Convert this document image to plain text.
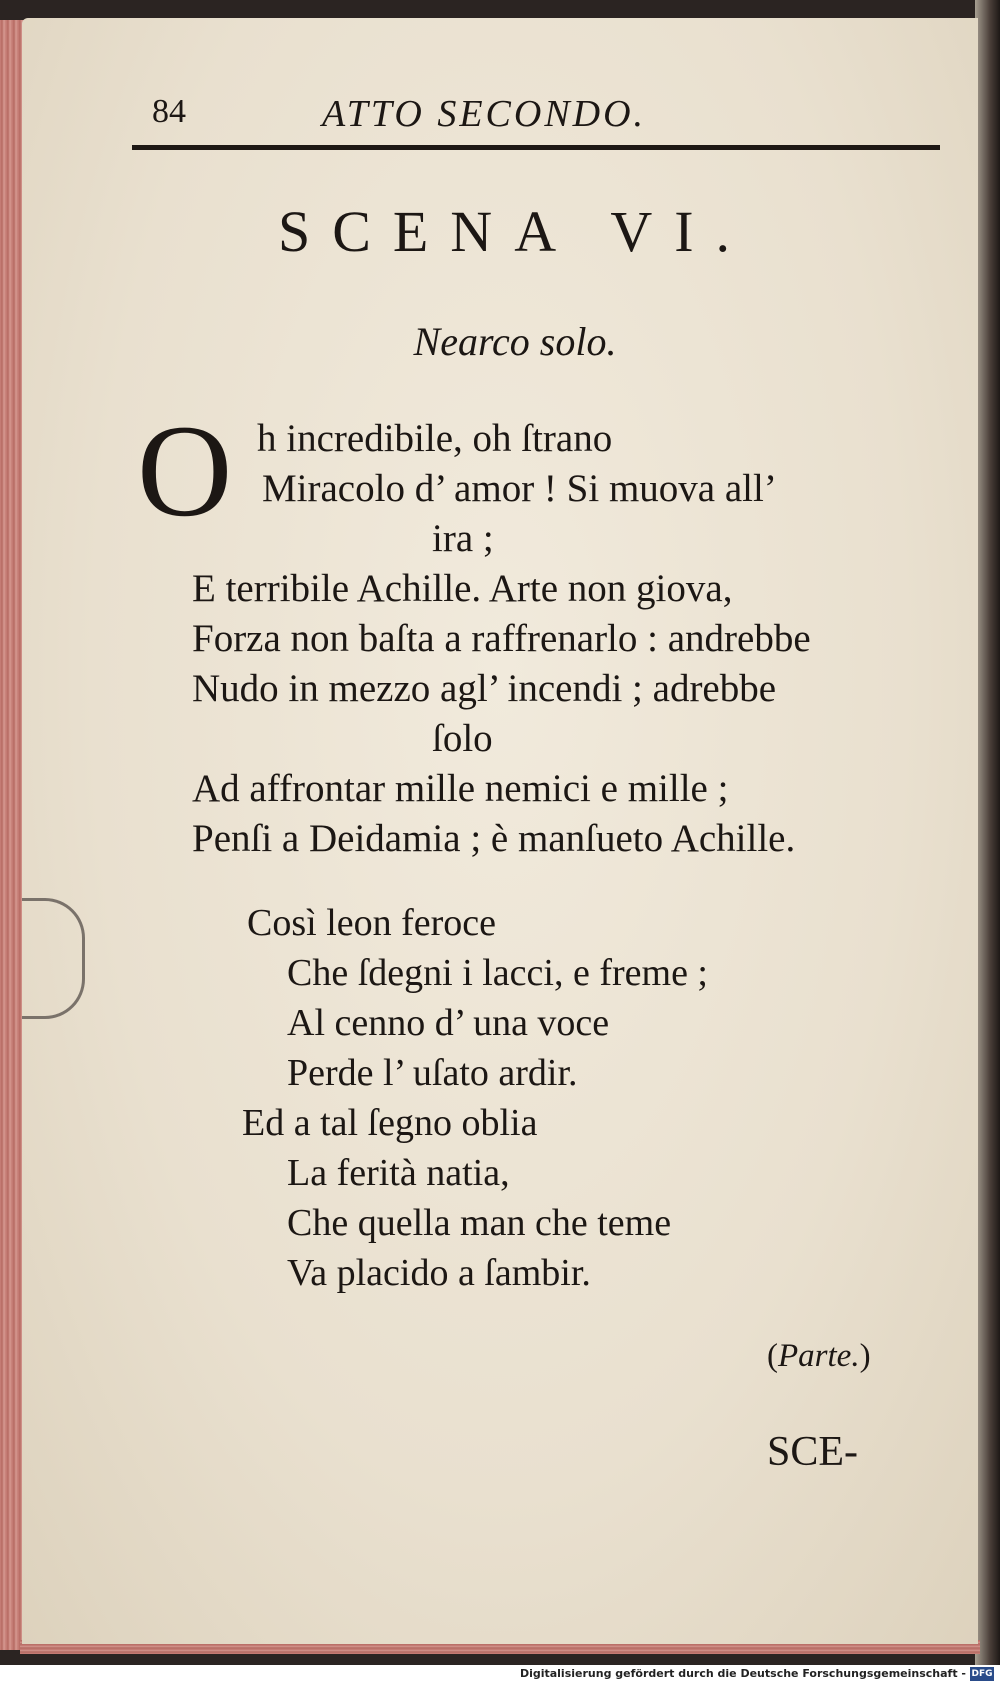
84	ATTO SECONDO.
SCENA VI.
Nearco solo.
O h incredibile, oh ſtrano
Miracolo d’ amor ! Si muova all’
ira ;
E terribile Achille. Arte non giova,
Forza non baſta a raffrenarlo : andrebbe
Nudo in mezzo agl’ incendi ; adrebbe
ſolo
Ad affrontar mille nemici e mille ;
Penſi a Deidamia ; è manſueto Achille.
Così leon feroce
Che ſdegni i lacci, e freme ;
Al cenno d’ una voce
Perde l’ uſato ardir.
Ed a tal ſegno oblia
La ferità natia,
Che quella man che teme
Va placido a ſambir.
(Parte.)
SCE-
Digitalisierung gefördert durch die Deutsche Forschungsgemeinschaft - DFG
